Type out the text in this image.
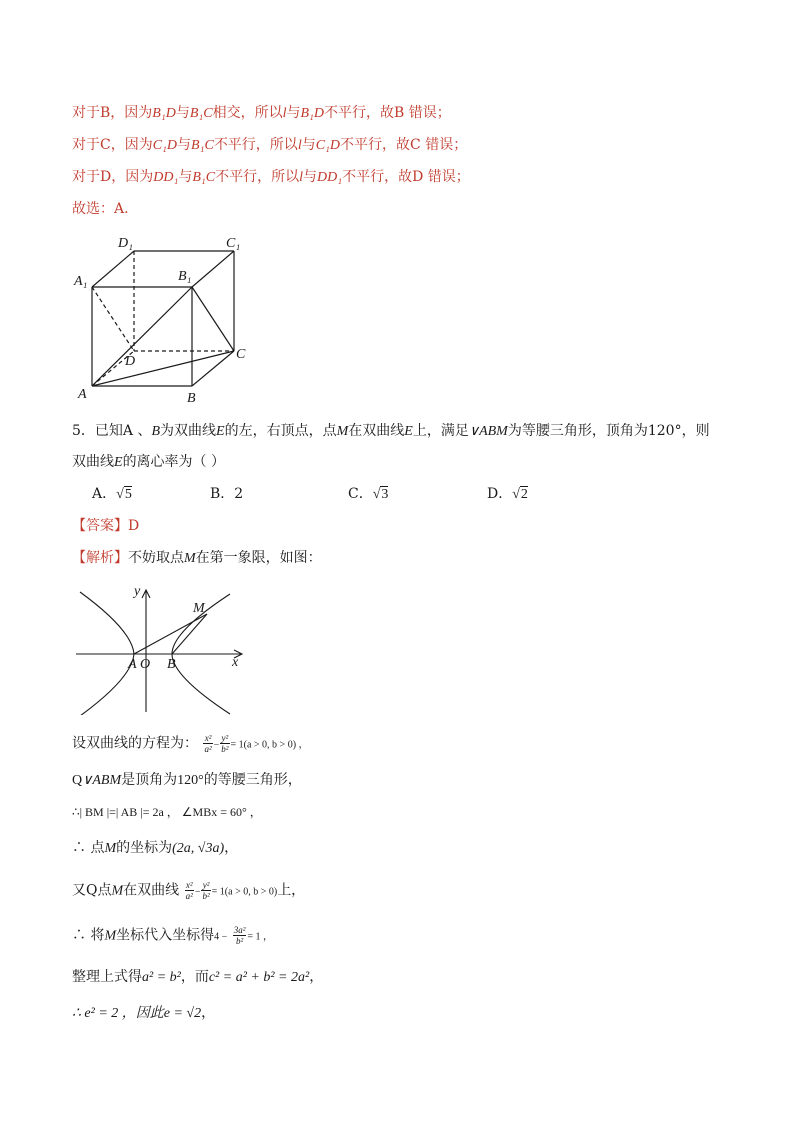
对于B，因为B₁D与B₁C相交，所以l与B₁D不平行，故B 错误；
对于C，因为C₁D与B₁C不平行，所以l与C₁D不平行，故C 错误；
对于D，因为DD₁与B₁C不平行，所以l与DD₁不平行，故D 错误；
故选：A.
D₁	C₁
A₁	B₁
D	C
A	B
5．已知A 、B为双曲线E的左，右顶点，点M在双曲线E上，满足∨ABM为等腰三角形，顶角为120°，则
双曲线E的离心率为（ ）
A．√5	B．2	C．√3	D．√2
【答案】D
【解析】不妨取点M在第一象限，如图：
y
x
M
A O B
设双曲线的方程为： $\frac{\text{x²}}{\text{a²}} - \frac{\text{y²}}{\text{b²}} = 1(a > 0$, b > 0) ，
Q∨ABM是顶角为120°的等腰三角形，
∴| BM |=| AB |= 2a ， ∠MBx = 60° ，
∴ 点M的坐标为(2a, √3a)，
又Q点M在双曲线 $\frac{\text{x²}}{\text{a²}} - \frac{\text{y²}}{\text{b²}} = 1(a > 0$, b > 0)上，
∴ 将M坐标代入坐标得$4 - \frac{\text{3a²}}{\text{b²}} = 1$ ，
整理上式得a² = b²，而c² = a² + b² = 2a²，
∴ e² = 2 ，因此e = √2，
